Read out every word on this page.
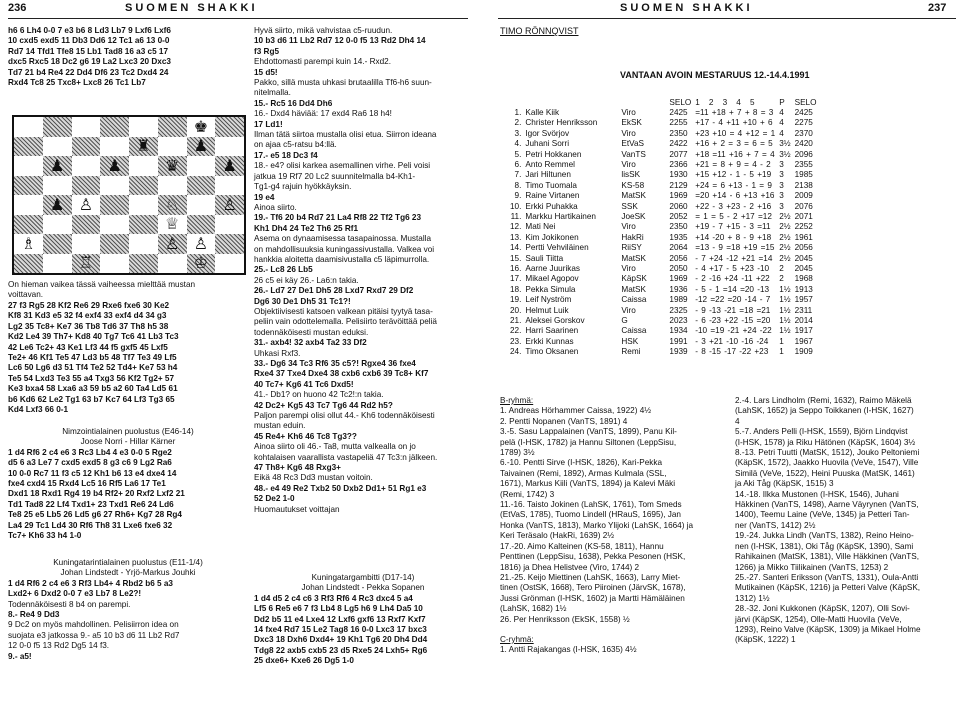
236	SUOMEN SHAKKI	SUOMEN SHAKKI	237

h6 6 Lh4 0-0 7 e3 b6 8 Ld3 Lb7 9 Lxf6 Lxf6

10 cxd5 exd5 11 Db3 Dd6 12 Tc1 a6 13 0-0

Rd7 14 Tfd1 Tfe8 15 Lb1 Tad8 16 a3 c5 17

dxc5 Rxc5 18 Dc2 g6 19 La2 Lxc3 20 Dxc3

Td7 21 b4 Re4 22 Dd4 Df6 23 Tc2 Dxd4 24

Rxd4 Tc8 25 Txc8+ Lxc8 26 Tc1 Lb7

♚
♜	♟
♟	♟	♛	♟
♟ ♙	♘	♙
♕
♗	♙ ♙
♖	♔

On hieman vaikea tässä vaiheessa mielttää mustan

voittavan.

27 f3 Rg5 28 Kf2 Re6 29 Rxe6 fxe6 30 Ke2

Kf8 31 Kd3 e5 32 f4 exf4 33 exf4 d4 34 g3

Lg2 35 Tc8+ Ke7 36 Tb8 Td6 37 Th8 h5 38

Kd2 Le4 39 Th7+ Kd8 40 Tg7 Tc6 41 Lb3 Tc3

42 Le6 Tc2+ 43 Ke1 Lf3 44 f5 gxf5 45 Lxf5

Te2+ 46 Kf1 Te5 47 Ld3 b5 48 Tf7 Te3 49 Lf5

Lc6 50 Lg6 d3 51 Tf4 Te2 52 Td4+ Ke7 53 h4

Te5 54 Lxd3 Te3 55 a4 Txg3 56 Kf2 Tg2+ 57

Ke3 bxa4 58 Lxa6 a3 59 b5 a2 60 Ta4 Ld5 61

b6 Kd6 62 Le2 Tg1 63 b7 Kc7 64 Lf3 Tg3 65

Kd4 Lxf3 66 0-1

Nimzointialainen puolustus (E46-14)

Joose Norri - Hillar Kärner

1 d4 Rf6 2 c4 e6 3 Rc3 Lb4 4 e3 0-0 5 Rge2

d5 6 a3 Le7 7 cxd5 exd5 8 g3 c6 9 Lg2 Ra6

10 0-0 Rc7 11 f3 c5 12 Kh1 b6 13 e4 dxe4 14

fxe4 cxd4 15 Rxd4 Lc5 16 Rf5 La6 17 Te1

Dxd1 18 Rxd1 Rg4 19 b4 Rf2+ 20 Rxf2 Lxf2 21

Td1 Tad8 22 Lf4 Txd1+ 23 Txd1 Re6 24 Ld6

Te8 25 e5 Lb5 26 Ld5 g6 27 Rh6+ Kg7 28 Rg4

La4 29 Tc1 Ld4 30 Rf6 Th8 31 Lxe6 fxe6 32

Tc7+ Kh6 33 h4 1-0

Kuningatarintialainen puolustus (E11-1/4)

Johan Lindstedt - Yrjö-Markus Jouhki

1 d4 Rf6 2 c4 e6 3 Rf3 Lb4+ 4 Rbd2 b6 5 a3

Lxd2+ 6 Dxd2 0-0 7 e3 Lb7 8 Le2?!

Todennäköisesti 8 b4 on parempi.

8.- Re4 9 Dd3

9 Dc2 on myös mahdollinen. Pelisiirron idea on

suojata e3 jatkossa 9.- a5 10 b3 d6 11 Lb2 Rd7

12 0-0 f5 13 Rd2 Dg5 14 f3.

9.- a5!

Hyvä siirto, mikä vahvistaa c5-ruudun.

10 b3 d6 11 Lb2 Rd7 12 0-0 f5 13 Rd2 Dh4 14

f3 Rg5

Ehdottomasti parempi kuin 14.- Rxd2.

15 d5!

Pakko, sillä musta uhkasi brutaalilla Tf6-h6 suun-

nitelmalla.

15.- Rc5 16 Dd4 Dh6

16.- Dxd4 häviää: 17 exd4 Ra6 18 h4!

17 Ld1!

Ilman tätä siirtoa mustalla olisi etua. Siirron ideana

on ajaa c5-ratsu b4:llä.

17.- e5 18 Dc3 f4

18.- e4? olisi karkea asemallinen virhe. Peli voisi

jatkua 19 Rf7 20 Lc2 suunnitelmalla b4-Kh1-

Tg1-g4 rajuin hyökkäyksin.

19 e4

Ainoa siirto.

19.- Tf6 20 b4 Rd7 21 La4 Rf8 22 Tf2 Tg6 23

Kh1 Dh4 24 Te2 Th6 25 Rf1

Asema on dynaamisessa tasapainossa. Mustalla

on mahdollisuuksia kuningassivustalla. Valkea voi

hankkia aloitetta daamisivustalla c5 läpimurrolla.

25.- Lc8 26 Lb5

26 c5 ei käy 26.- La6:n takia.

26.- Ld7 27 De1 Dh5 28 Lxd7 Rxd7 29 Df2

Dg6 30 De1 Dh5 31 Tc1?!

Objektiivisesti katsoen valkean pitäisi tyytyä tasa-

peliin vain odottelemalla. Pelisiirto terävöittää peliä

todennäköisesti mustan eduksi.

31.- axb4! 32 axb4 Ta2 33 Df2

Uhkasi Rxf3.

33.- Dg6 34 Tc3 Rf6 35 c5?! Rgxe4 36 fxe4

Rxe4 37 Txe4 Dxe4 38 cxb6 cxb6 39 Tc8+ Kf7

40 Tc7+ Kg6 41 Tc6 Dxd5!

41.- Db1? on huono 42 Tc2!:n takia.

42 Dc2+ Kg5 43 Tc7 Tg6 44 Rd2 h5?

Paljon parempi olisi ollut 44.- Kh6 todennäköisesti

mustan eduin.

45 Re4+ Kh6 46 Tc8 Tg3??

Ainoa siirto oli 46.- Ta8, mutta valkealla on jo

kohtalaisen vaarallista vastapeliä 47 Tc3:n jälkeen.

47 Th8+ Kg6 48 Rxg3+

Eikä 48 Rc3 Dd3 mustan voitoin.

48.- e4 49 Re2 Txb2 50 Dxb2 Dd1+ 51 Rg1 e3

52 De2 1-0

Huomautukset voittajan

Kuningatargambitti (D17-14)

Johan Lindstedt - Pekka Sopanen

1 d4 d5 2 c4 c6 3 Rf3 Rf6 4 Rc3 dxc4 5 a4

Lf5 6 Re5 e6 7 f3 Lb4 8 Lg5 h6 9 Lh4 Da5 10

Dd2 b5 11 e4 Lxe4 12 Lxf6 gxf6 13 Rxf7 Kxf7

14 fxe4 Rd7 15 Le2 Tag8 16 0-0 Lxc3 17 bxc3

Dxc3 18 Dxh6 Dxd4+ 19 Kh1 Tg6 20 Dh4 Dd4

Tdg8 22 axb5 cxb5 23 d5 Rxe5 24 Lxh5+ Rg6

25 dxe6+ Kxe6 26 Dg5 1-0

TIMO RÖNNQVIST
VANTAAN AVOIN MESTARUUS 12.-14.4.1991
			SELO	1 2 3 4 5	P	SELO
1.	Kalle Kiik	Viro	2425	=11 +18 + 7 + 8 = 3	4	2425
2.	Christer Henriksson	EkSK	2255	+17 - 4 +11 +10 + 6	4	2275
3.	Igor Svörjov	Viro	2350	+23 +10 = 4 +12 = 1	4	2370
4.	Juhani Sorri	EtVaS	2422	+16 + 2 = 3 = 6 = 5	3½	2420
5.	Petri Hokkanen	VanTS	2077	+18 =11 +16 + 7 = 4	3½	2096
6.	Anto Remmel	Viro	2366	+21 = 8 + 9 = 4 - 2	3	2355
7.	Jari Hiltunen	lisSK	1930	+15 +12 - 1 - 5 +19	3	1985
8.	Timo Tuomala	KS-58	2129	+24 = 6 +13 - 1 = 9	3	2138
9.	Raine Virtanen	MatSK	1969	=20 +14 - 6 +13 +16	3	2009
10.	Erkki Puhakka	SSK	2060	+22 - 3 +23 - 2 +16	3	2076
11.	Markku Hartikainen	JoeSK	2052	= 1 = 5 - 2 +17 =12	2½	2071
12.	Mati Nei	Viro	2350	+19 - 7 +15 - 3 =11	2½	2252
13.	Kim Jokikonen	HakRi	1935	+14 -20 + 8 - 9 +18	2½	1961
14.	Pertti Vehviläinen	RiiSY	2064	=13 - 9 =18 +19 =15	2½	2056
15.	Sauli Tiitta	MatSK	2056	- 7 +24 -12 +21 =14	2½	2045
16.	Aarne Juurikas	Viro	2050	- 4 +17 - 5 +23 -10	2	2045
17.	Mikael Agopov	KäpSK	1969	- 2 -16 +24 -11 +22	2	1968
18.	Pekka Simula	MatSK	1936	- 5 - 1 =14 =20 -13	1½	1913
19.	Leif Nyström	Caissa	1989	-12 =22 =20 -14 - 7	1½	1957
20.	Helmut Luik	Viro	2325	- 9 -13 -21 =18 =21	1½	2311
21.	Aleksei Gorskov	G	2023	- 6 -23 +22 -15 =20	1½	2014
22.	Harri Saarinen	Caissa	1934	-10 =19 -21 +24 -22	1½	1917
23.	Erkki Kunnas	HSK	1991	- 3 +21 -10 -16 -24	1	1967
24.	Timo Oksanen	Remi	1939	- 8 -15 -17 -22 +23	1	1909

B-ryhmä:

1. Andreas Hörhammer Caissa, 1922) 4½

2. Pentti Nopanen (VanTS, 1891) 4

3.-5. Sasu Lappalainen (VanTS, 1899), Panu Kil-

pelä (I-HSK, 1782) ja Hannu Siltonen (LeppSisu,

1789) 3½

6.-10. Pentti Sirve (I-HSK, 1826), Kari-Pekka

Taivainen (Remi, 1892), Armas Kulmala (SSL,

1671), Markus Kiili (VanTS, 1894) ja Kalevi Mäki

(Remi, 1742) 3

11.-16. Taisto Jokinen (LahSK, 1761), Tom Smeds

(EtVaS, 1785), Tuomo Lindell (HRauS, 1695), Jan

Honka (VanTS, 1813), Marko Ylijoki (LahSK, 1664) ja

Keri Teräsalo (HakRi, 1639) 2½

17.-20. Aimo Kalteinen (KS-58, 1811), Hannu

Penttinen (LeppSisu, 1638), Pekka Pesonen (HSK,

1816) ja Dhea Helistvee (Viro, 1744) 2

21.-25. Keijo Miettinen (LahSK, 1663), Larry Miet-

tinen (OstSK, 1668), Tero Piiroinen (JärvSK, 1678),

Jussi Grönman (I-HSK, 1602) ja Martti Hämäläinen

(LahSK, 1682) 1½

26. Per Henriksson (EkSK, 1558) ½

C-ryhmä:

1. Antti Rajakangas (I-HSK, 1635) 4½

2.-4. Lars Lindholm (Remi, 1632), Raimo Mäkelä

(LahSK, 1652) ja Seppo Toikkanen (I-HSK, 1627)

4

5.-7. Anders Pelli (I-HSK, 1559), Björn Lindqvist

(I-HSK, 1578) ja Riku Hätönen (KäpSK, 1604) 3½

8.-13. Petri Tuutti (MatSK, 1512), Jouko Peltoniemi

(KäpSK, 1572), Jaakko Huovila (VeVe, 1547), Ville

Similä (VeVe, 1522), Heini Puuska (MatSK, 1461)

ja Aki Tåg (KäpSK, 1515) 3

14.-18. Ilkka Mustonen (I-HSK, 1546), Juhani

Häkkinen (VanTS, 1498), Aarne Väyrynen (VanTS,

1400), Teemu Laine (VeVe, 1345) ja Petteri Tan-

ner (VanTS, 1412) 2½

19.-24. Jukka Lindh (VanTS, 1382), Reino Heino-

nen (I-HSK, 1381), Oki Tåg (KäpSK, 1390), Sami

Rahikainen (MatSK, 1381), Ville Häkkinen (VanTS,

1266) ja Mikko Tiilikainen (VanTS, 1253) 2

25.-27. Santeri Eriksson (VanTS, 1331), Oula-Antti

Mutikainen (KäpSK, 1216) ja Petteri Valve (KäpSK,

1312) 1½

28.-32. Joni Kukkonen (KäpSK, 1207), Olli Sovi-

järvi (KäpSK, 1254), Olle-Matti Huovila (VeVe,

1293), Reino Valve (KäpSK, 1309) ja Mikael Holme

(KäpSK, 1222) 1
